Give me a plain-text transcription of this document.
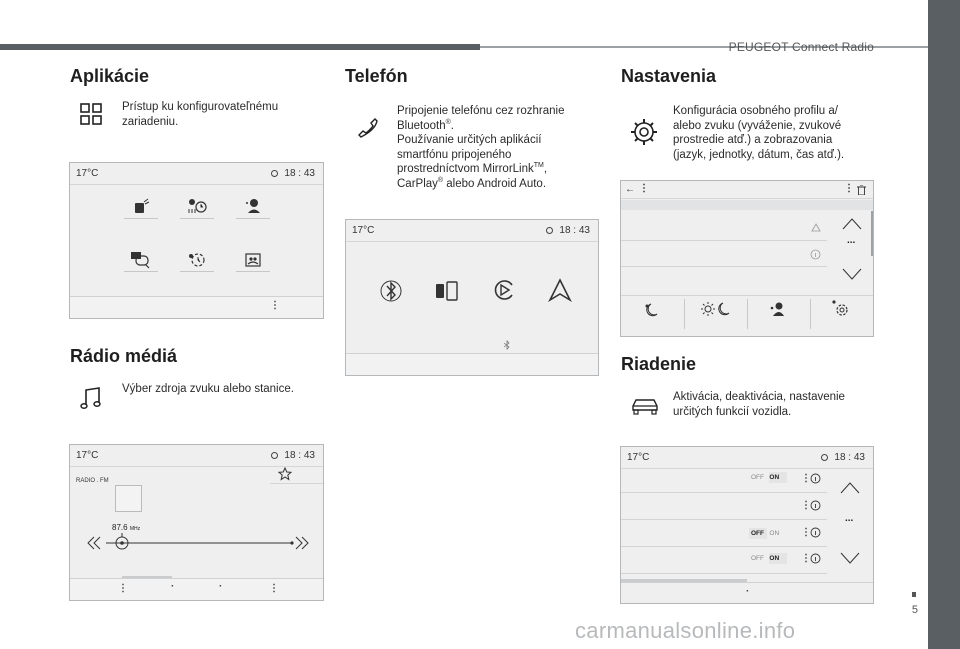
PEUGEOT Connect Radio
5
carmanualsonline.info
Aplikácie
Prístup ku konfigurovateľnému zariadeniu.
17°C	18 : 43
⋮
Rádio médiá
Výber zdroja zvuku alebo stanice.
17°C	18 : 43
RADIO . FM
87.6 MHz
⋮	·	·	⋮
Telefón
Pripojenie telefónu cez rozhranie
Bluetooth®.
Používanie určitých aplikácií
smartfónu pripojeného
prostredníctvom MirrorLink™,
CarPlay® alebo Android Auto.
17°C	18 : 43
Nastavenia
Konfigurácia osobného profilu a/ alebo zvuku (vyváženie, zvukové prostredie atď.) a zobrazovania (jazyk, jednotky, dátum, čas atď.).
← ⋮	⋮
...
Riadenie
Aktivácia, deaktivácia, nastavenie určitých funkcií vozidla.
17°C	18 : 43
OFF ON ⋮
⋮
OFF ON ⋮
OFF ON ⋮
...
·
